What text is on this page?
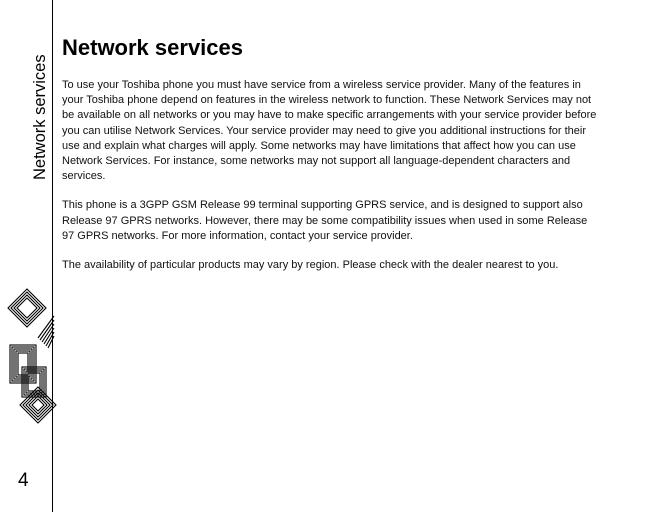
Network services
4
Network services

To use your Toshiba phone you must have service from a wireless service provider. Many of the features in your Toshiba phone depend on features in the wireless network to function. These Network Services may not be available on all networks or you may have to make specific arrangements with your service provider before you can utilise Network Services. Your service provider may need to give you additional instructions for their use and explain what charges will apply. Some networks may have limitations that affect how you can use Network Services. For instance, some networks may not support all language-dependent characters and services.

This phone is a 3GPP GSM Release 99 terminal supporting GPRS service, and is designed to support also Release 97 GPRS networks. However, there may be some compatibility issues when used in some Release 97 GPRS networks. For more information, contact your service provider.

The availability of particular products may vary by region. Please check with the dealer nearest to you.
